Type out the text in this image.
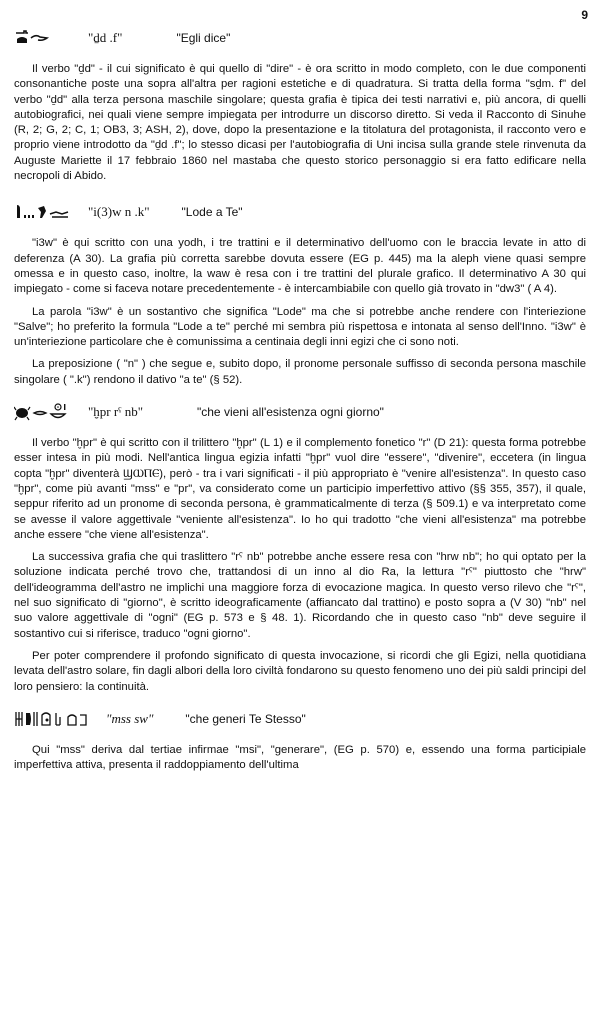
9
"ḏd .f"	"Egli dice"

Il verbo "ḏd" - il cui significato è qui quello di "dire" - è ora scritto in modo completo, con le due componenti consonantiche poste una sopra all'altra per ragioni estetiche e di quadratura. Si tratta della forma "sḏm. f" del verbo "ḏd" alla terza persona maschile singolare; questa grafia è tipica dei testi narrativi e, più ancora, di quelli autobiografici, nei quali viene sempre impiegata per introdurre un discorso diretto. Si veda il Racconto di Sinuhe (R, 2; G, 2; C, 1; OB3, 3; ASH, 2), dove, dopo la presentazione e la titolatura del protagonista, il racconto vero e proprio viene introdotto da "ḏd .f"; lo stesso dicasi per l'autobiografia di Uni incisa sulla grande stele rinvenuta da Auguste Mariette il 17 febbraio 1860 nel mastaba che questo storico personaggio si era fatto edificare nella necropoli di Abido.

"i(3)w n .k"	"Lode a Te"

"i3w" è qui scritto con una yodh, i tre trattini e il determinativo dell'uomo con le braccia levate in atto di deferenza (A 30). La grafia più corretta sarebbe dovuta essere (EG p. 445) ma la aleph viene quasi sempre omessa e in questo caso, inoltre, la waw è resa con i tre trattini del plurale grafico. Il determinativo A 30 qui impiegato - come si faceva notare precedentemente - è intercambiabile con quello già trovato in "dw3" ( A 4).

La parola "i3w" è un sostantivo che significa "Lode" ma che si potrebbe anche rendere con l'interiezione "Salve"; ho preferito la formula "Lode a te" perché mi sembra più rispettosa e intonata al senso dell'Inno. "i3w" è un'interiezione particolare che è comunissima a centinaia degli inni egizi che ci sono noti.

La preposizione ( "n" ) che segue e, subito dopo, il pronome personale suffisso di seconda persona maschile singolare ( ".k") rendono il dativo "a te" (§ 52).

"ḫpr rˁ nb"	"che vieni all'esistenza ogni giorno"

Il verbo "ḫpr" è qui scritto con il trilittero "ḫpr" (L 1) e il complemento fonetico "r" (D 21): questa forma potrebbe esser intesa in più modi. Nell'antica lingua egizia infatti "ḫpr" vuol dire "essere", "divenire", eccetera (in lingua copta "ḫpr" diventerà ϢⲰⲠⲈ), però - tra i vari significati - il più appropriato è "venire all'esistenza". In questo caso "ḫpr", come più avanti "mss" e "pr", va considerato come un participio imperfettivo attivo (§§ 355, 357), il quale, seppur riferito ad un pronome di seconda persona, è grammaticalmente di terza (§ 509.1) e va interpretato come se avesse il valore aggettivale "veniente all'esistenza". Io ho qui tradotto "che vieni all'esistenza" ma potrebbe anche essere "che viene all'esistenza".

La successiva grafia che qui traslittero "rˁ nb" potrebbe anche essere resa con "hrw nb"; ho qui optato per la soluzione indicata perché trovo che, trattandosi di un inno al dio Ra, la lettura "rˁ" piuttosto che "hrw" dell'ideogramma dell'astro ne implichi una maggiore forza di evocazione magica. In questo verso rilevo che "rˁ", nel suo significato di "giorno", è scritto ideograficamente (affiancato dal trattino) e posto sopra a (V 30) "nb" nel suo valore aggettivale di "ogni" (EG p. 573 e § 48. 1). Ricordando che in questo caso "nb" deve seguire il sostantivo cui si riferisce, traduco "ogni giorno".

Per poter comprendere il profondo significato di questa invocazione, si ricordi che gli Egizi, nella quotidiana levata dell'astro solare, fin dagli albori della loro civiltà fondarono su questo fenomeno uno dei più saldi principi del loro pensiero: la continuità.

"mss sw"	"che generi Te Stesso"

Qui "mss" deriva dal tertiae infirmae "msi", "generare", (EG p. 570) e, essendo una forma participiale imperfettiva attiva, presenta il raddoppiamento dell'ultima
